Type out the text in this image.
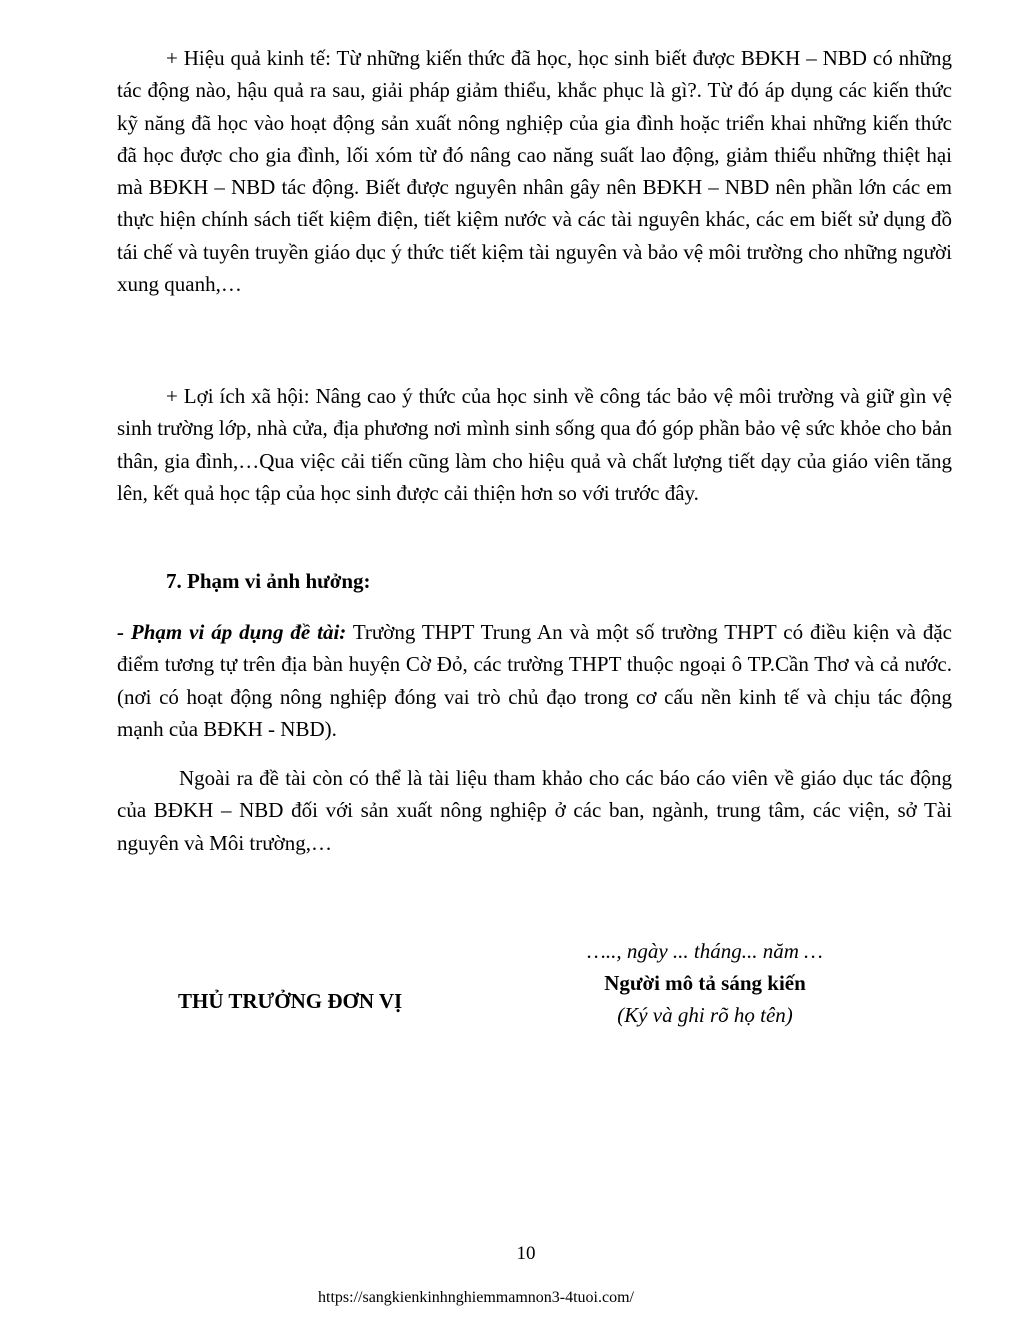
+ Hiệu quả kinh tế: Từ những kiến thức đã học, học sinh biết được BĐKH – NBD có những tác động nào, hậu quả ra sau, giải pháp giảm thiểu, khắc phục là gì?. Từ đó áp dụng các kiến thức kỹ năng đã học vào hoạt động sản xuất nông nghiệp của gia đình hoặc triển khai những kiến thức đã học được cho gia đình, lối xóm từ đó nâng cao năng suất lao động, giảm thiểu những thiệt hại mà BĐKH – NBD tác động. Biết được nguyên nhân gây nên BĐKH – NBD nên phần lớn các em thực hiện chính sách tiết kiệm điện, tiết kiệm nước và các tài nguyên khác, các em biết sử dụng đồ tái chế và tuyên truyền giáo dục ý thức tiết kiệm tài nguyên và bảo vệ môi trường cho những người xung quanh,…

+ Lợi ích xã hội: Nâng cao ý thức của học sinh về công tác bảo vệ môi trường và giữ gìn vệ sinh trường lớp, nhà cửa, địa phương nơi mình sinh sống qua đó góp phần bảo vệ sức khỏe cho bản thân, gia đình,…Qua việc cải tiến cũng làm cho hiệu quả và chất lượng tiết dạy của giáo viên tăng lên, kết quả học tập của học sinh được cải thiện hơn so với trước đây.

7. Phạm vi ảnh hưởng:

- Phạm vi áp dụng đề tài: Trường THPT Trung An và một số trường THPT có điều kiện và đặc điểm tương tự trên địa bàn huyện Cờ Đỏ, các trường THPT thuộc ngoại ô TP.Cần Thơ và cả nước. (nơi có hoạt động nông nghiệp đóng vai trò chủ đạo trong cơ cấu nền kinh tế và chịu tác động mạnh của BĐKH - NBD).

Ngoài ra đề tài còn có thể là tài liệu tham khảo cho các báo cáo viên về giáo dục tác động của BĐKH – NBD đối với sản xuất nông nghiệp ở các ban, ngành, trung tâm, các viện, sở Tài nguyên và Môi trường,…

THỦ TRƯỞNG ĐƠN VỊ
….., ngày ... tháng... năm …
Người mô tả sáng kiến
(Ký và ghi rõ họ tên)
10
https://sangkienkinhnghiemmamnon3-4tuoi.com/
